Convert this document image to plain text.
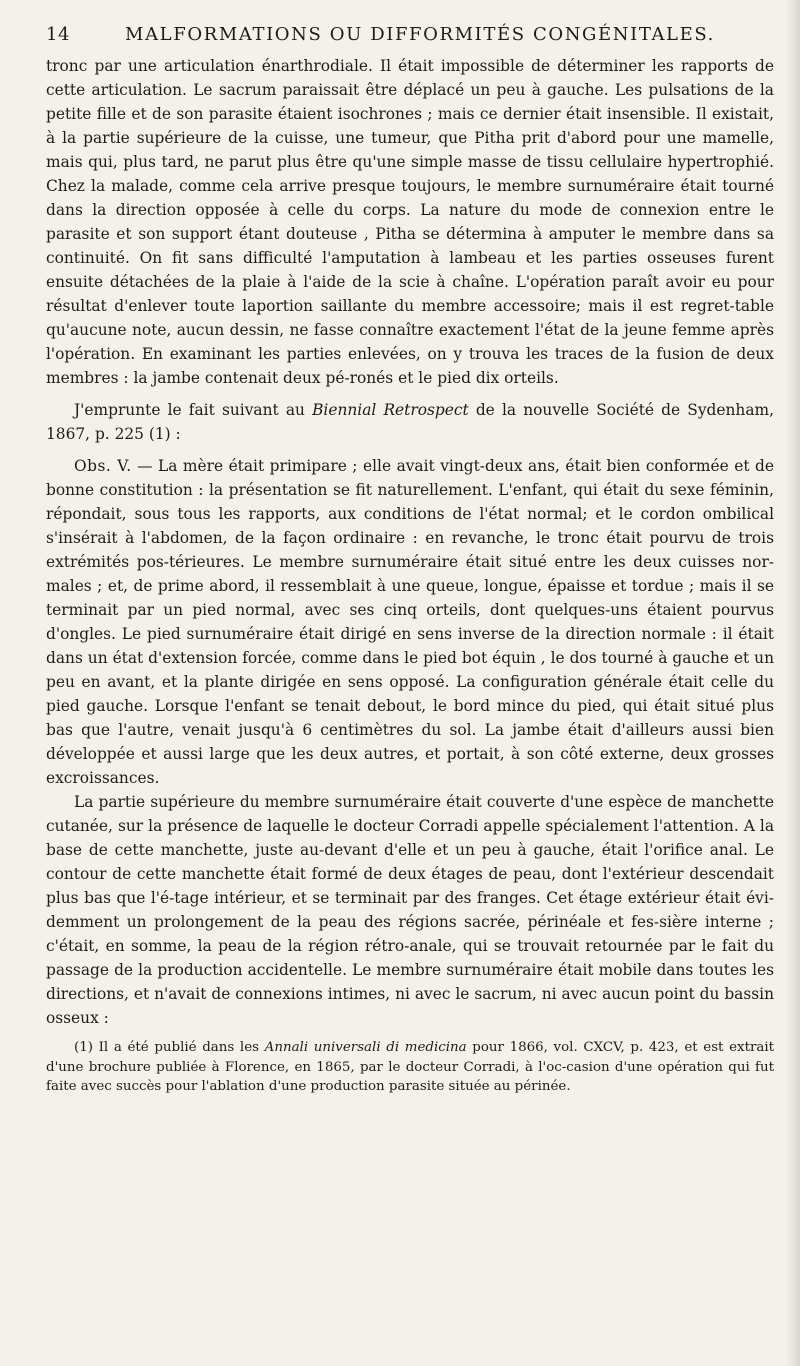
14	MALFORMATIONS OU DIFFORMITÉS CONGÉNITALES.

tronc par une articulation énarthrodiale. Il était impossible de déterminer les rapports de cette articulation. Le sacrum paraissait être déplacé un peu à gauche. Les pulsations de la petite fille et de son parasite étaient isochrones ; mais ce dernier était insensible. Il existait, à la partie supérieure de la cuisse, une tumeur, que Pitha prit d'abord pour une mamelle, mais qui, plus tard, ne parut plus être qu'une simple masse de tissu cellulaire hypertrophié. Chez la malade, comme cela arrive presque toujours, le membre surnuméraire était tourné dans la direction opposée à celle du corps. La nature du mode de connexion entre le parasite et son support étant douteuse , Pitha se détermina à amputer le membre dans sa continuité. On fit sans difficulté l'amputation à lambeau et les parties osseuses furent ensuite détachées de la plaie à l'aide de la scie à chaîne. L'opération paraît avoir eu pour résultat d'enlever toute laportion saillante du membre accessoire; mais il est regret-table qu'aucune note, aucun dessin, ne fasse connaître exactement l'état de la jeune femme après l'opération. En examinant les parties enlevées, on y trouva les traces de la fusion de deux membres : la jambe contenait deux pé-ronés et le pied dix orteils.

J'emprunte le fait suivant au Biennial Retrospect de la nouvelle Société de Sydenham, 1867, p. 225 (1) :

Obs. V. — La mère était primipare ; elle avait vingt-deux ans, était bien conformée et de bonne constitution : la présentation se fit naturellement. L'enfant, qui était du sexe féminin, répondait, sous tous les rapports, aux conditions de l'état normal; et le cordon ombilical s'insérait à l'abdomen, de la façon ordinaire : en revanche, le tronc était pourvu de trois extrémités pos-térieures. Le membre surnuméraire était situé entre les deux cuisses nor-males ; et, de prime abord, il ressemblait à une queue, longue, épaisse et tordue ; mais il se terminait par un pied normal, avec ses cinq orteils, dont quelques-uns étaient pourvus d'ongles. Le pied surnuméraire était dirigé en sens inverse de la direction normale : il était dans un état d'extension forcée, comme dans le pied bot équin , le dos tourné à gauche et un peu en avant, et la plante dirigée en sens opposé. La configuration générale était celle du pied gauche. Lorsque l'enfant se tenait debout, le bord mince du pied, qui était situé plus bas que l'autre, venait jusqu'à 6 centimètres du sol. La jambe était d'ailleurs aussi bien développée et aussi large que les deux autres, et portait, à son côté externe, deux grosses excroissances.

La partie supérieure du membre surnuméraire était couverte d'une espèce de manchette cutanée, sur la présence de laquelle le docteur Corradi appelle spécialement l'attention. A la base de cette manchette, juste au-devant d'elle et un peu à gauche, était l'orifice anal. Le contour de cette manchette était formé de deux étages de peau, dont l'extérieur descendait plus bas que l'é-tage intérieur, et se terminait par des franges. Cet étage extérieur était évi-demment un prolongement de la peau des régions sacrée, périnéale et fes-sière interne ; c'était, en somme, la peau de la région rétro-anale, qui se trouvait retournée par le fait du passage de la production accidentelle. Le membre surnuméraire était mobile dans toutes les directions, et n'avait de connexions intimes, ni avec le sacrum, ni avec aucun point du bassin osseux :

(1) Il a été publié dans les Annali universali di medicina pour 1866, vol. CXCV, p. 423, et est extrait d'une brochure publiée à Florence, en 1865, par le docteur Corradi, à l'oc-casion d'une opération qui fut faite avec succès pour l'ablation d'une production parasite située au périnée.
